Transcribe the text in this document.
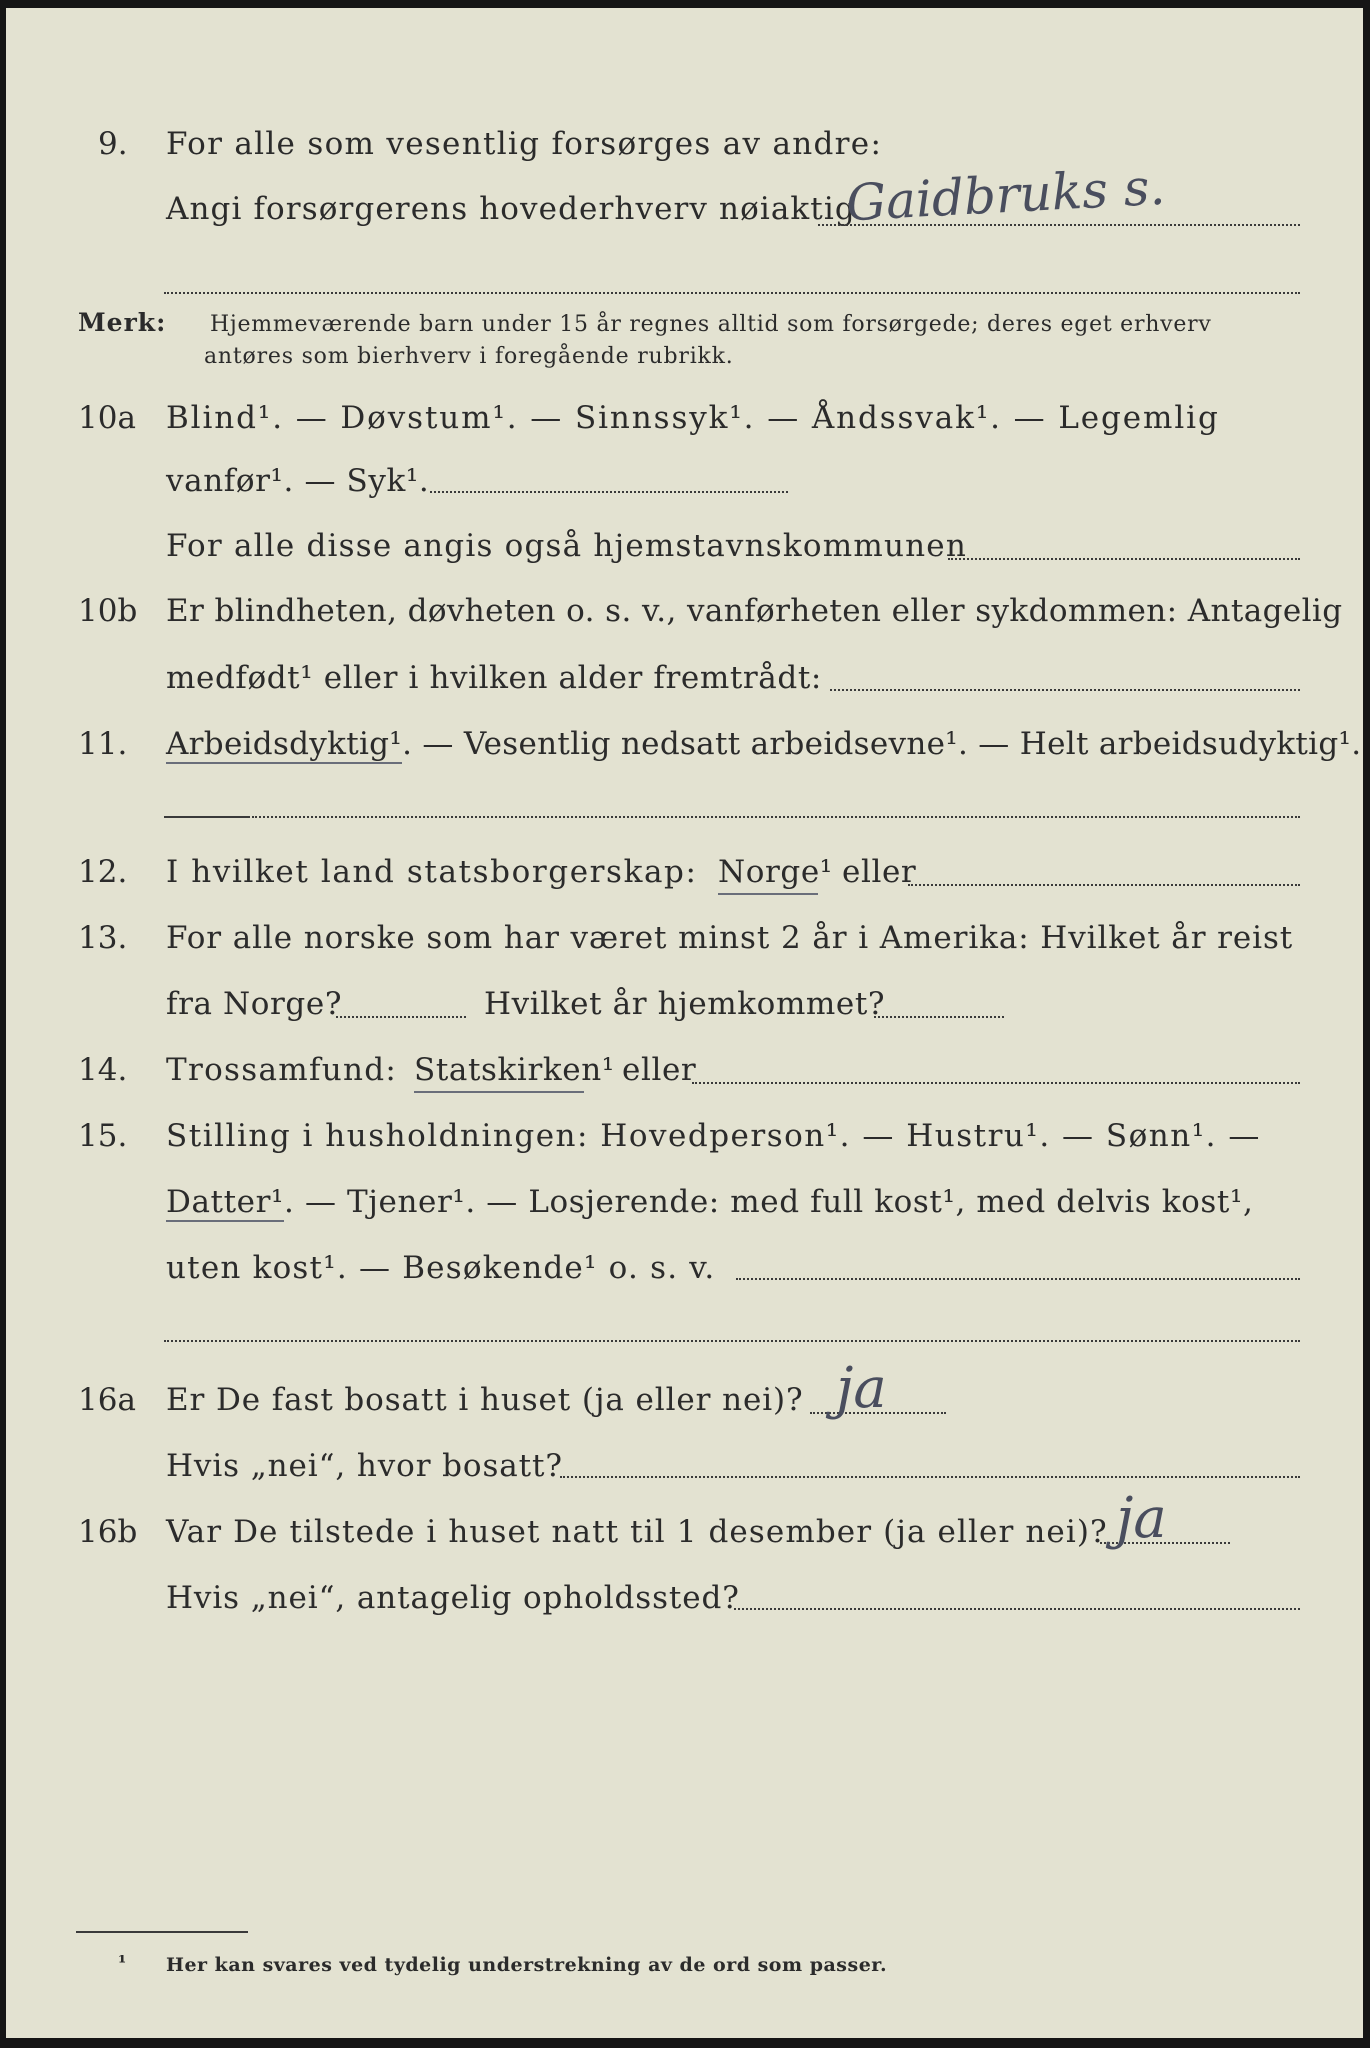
9. For alle som vesentlig forsørges av andre:
Angi forsørgerens hovederhverv nøiaktig
Gaidbruks s.
Merk: Hjemmeværende barn under 15 år regnes alltid som forsørgede; deres eget erhverv
antøres som bierhverv i foregående rubrikk.
10a Blind¹. — Døvstum¹. — Sinnssyk¹. — Åndssvak¹. — Legemlig
vanfør¹. — Syk¹.
For alle disse angis også hjemstavnskommunen
10b Er blindheten, døvheten o. s. v., vanførheten eller sykdommen: Antagelig
medfødt¹ eller i hvilken alder fremtrådt:
11. Arbeidsdyktig¹. — Vesentlig nedsatt arbeidsevne¹. — Helt arbeidsudyktig¹.
12. I hvilket land statsborgerskap: Norge¹ eller
13. For alle norske som har været minst 2 år i Amerika: Hvilket år reist
fra Norge?	Hvilket år hjemkommet?
14. Trossamfund: Statskirken¹ eller
15. Stilling i husholdningen: Hovedperson¹. — Hustru¹. — Sønn¹. —
Datter¹. — Tjener¹. — Losjerende: med full kost¹, med delvis kost¹,
uten kost¹. — Besøkende¹ o. s. v.
16a Er De fast bosatt i huset (ja eller nei)? ja
Hvis „nei“, hvor bosatt?
16b Var De tilstede i huset natt til 1 desember (ja eller nei)? ja
Hvis „nei“, antagelig opholdssted?
¹ Her kan svares ved tydelig understrekning av de ord som passer.
